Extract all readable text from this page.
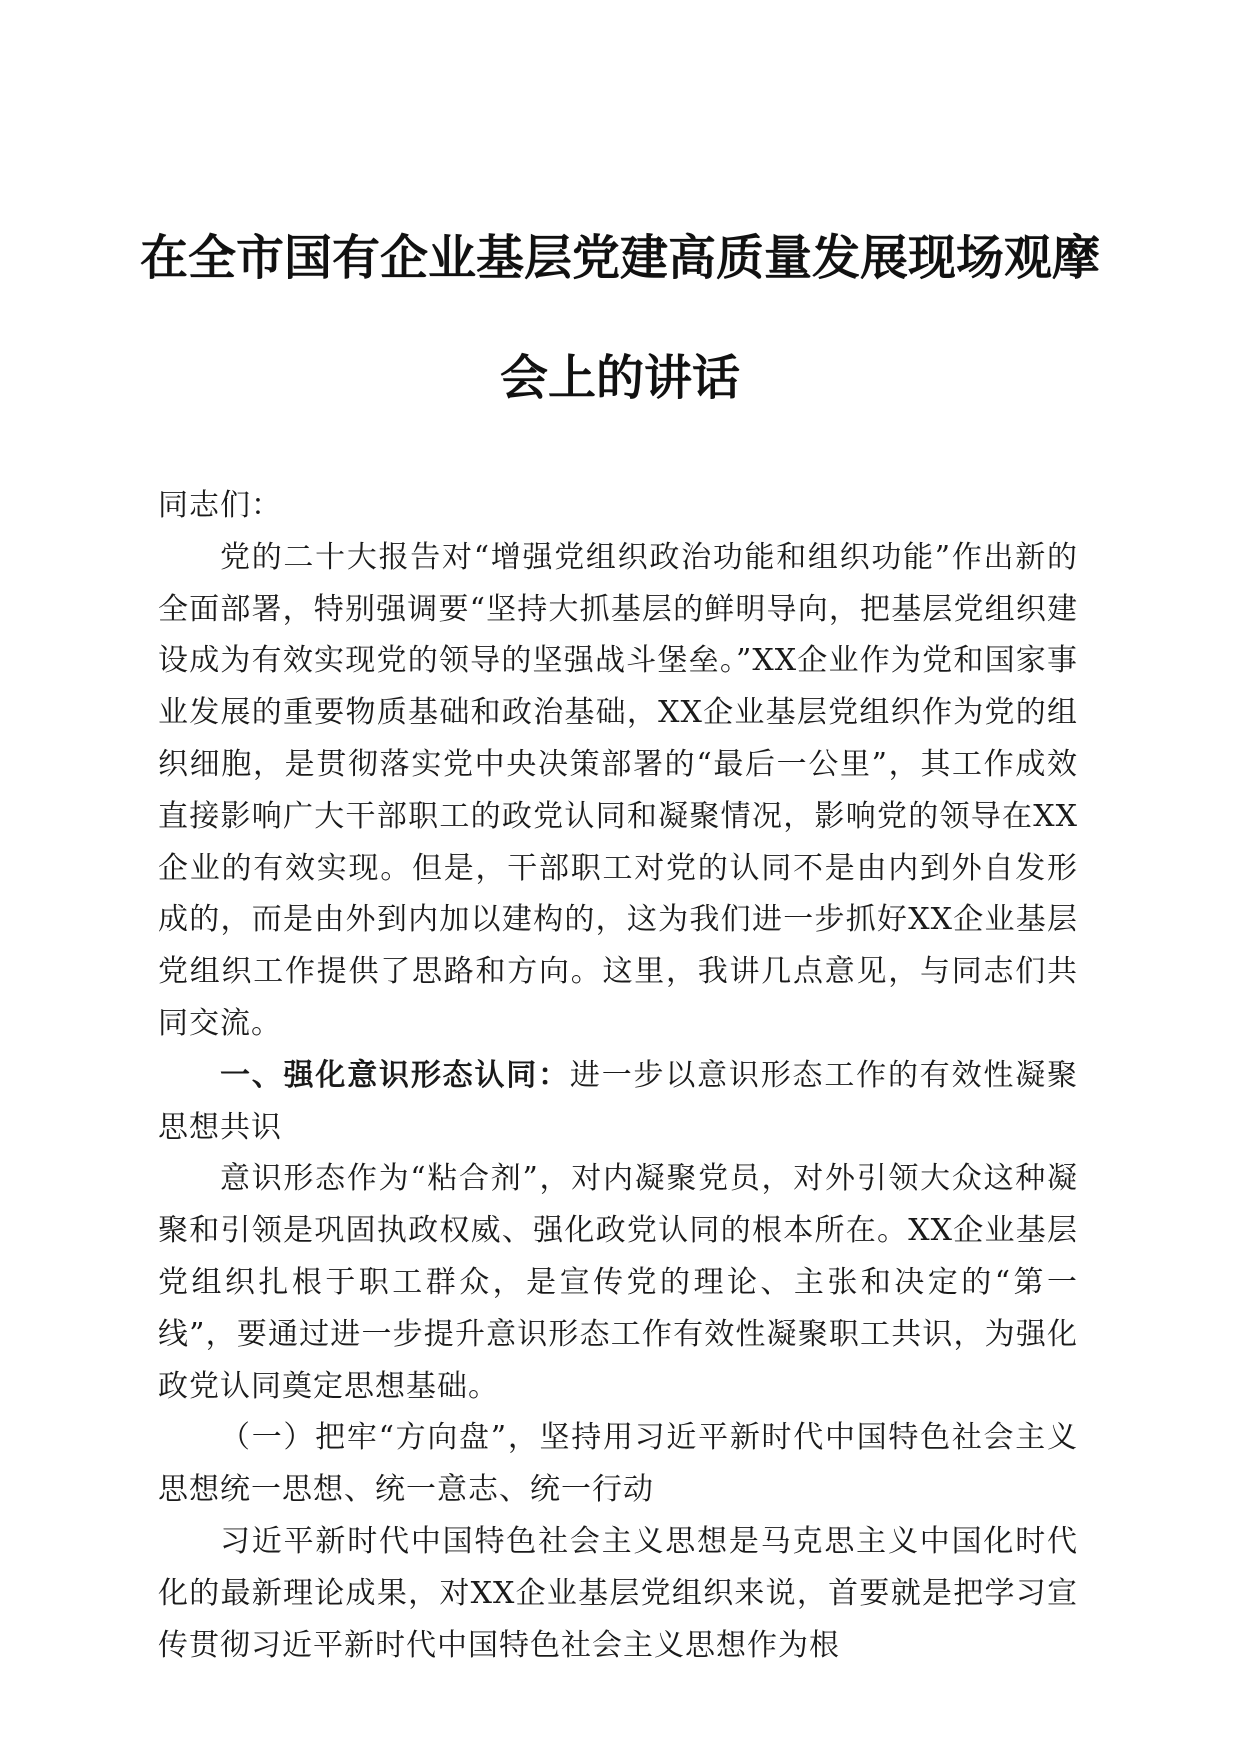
在全市国有企业基层党建高质量发展现场观摩
会上的讲话

同志们：

党的二十大报告对“增强党组织政治功能和组织功能”作出新的全面部署，特别强调要“坚持大抓基层的鲜明导向，把基层党组织建设成为有效实现党的领导的坚强战斗堡垒。”XX企业作为党和国家事业发展的重要物质基础和政治基础，XX企业基层党组织作为党的组织细胞，是贯彻落实党中央决策部署的“最后一公里”，其工作成效直接影响广大干部职工的政党认同和凝聚情况，影响党的领导在XX企业的有效实现。但是，干部职工对党的认同不是由内到外自发形成的，而是由外到内加以建构的，这为我们进一步抓好XX企业基层党组织工作提供了思路和方向。这里，我讲几点意见，与同志们共同交流。

一、强化意识形态认同：进一步以意识形态工作的有效性凝聚思想共识

意识形态作为“粘合剂”，对内凝聚党员，对外引领大众这种凝聚和引领是巩固执政权威、强化政党认同的根本所在。XX企业基层党组织扎根于职工群众，是宣传党的理论、主张和决定的“第一线”，要通过进一步提升意识形态工作有效性凝聚职工共识，为强化政党认同奠定思想基础。

（一）把牢“方向盘”，坚持用习近平新时代中国特色社会主义思想统一思想、统一意志、统一行动

习近平新时代中国特色社会主义思想是马克思主义中国化时代化的最新理论成果，对XX企业基层党组织来说，首要就是把学习宣传贯彻习近平新时代中国特色社会主义思想作为根
